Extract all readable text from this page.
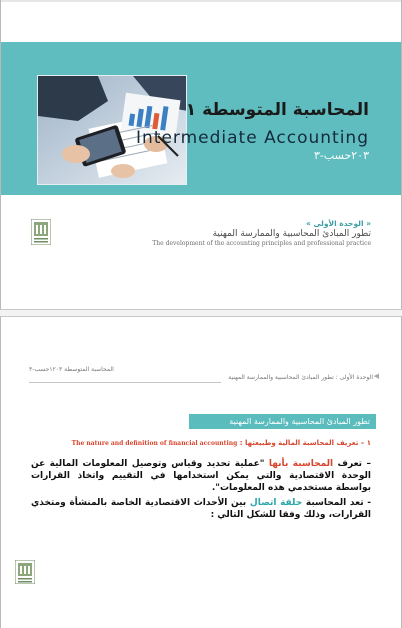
المحاسبة المتوسطة ١
Intermediate Accounting
٢٠٣حسب-٣
« الوحدة الأولى »
تطور المبادئ المحاسبية والممارسة المهنية
The development of the accounting principles and professional practice
المحاسبة المتوسطة ١٢٠٣حسب-٣
الوحدة الأولى : تطور المبادئ المحاسبية والممارسة المهنية ◀
تطور المبادئ المحاسبية والممارسة المهنية
١ – تعريف المحاسبة المالية وطبيعتها : The nature and definition of financial accounting
– تعرف المحاسبة بأنها "عملية تحديد وقياس وتوصيل المعلومات المالية عن الوحدة الاقتصادية والتي يمكن استخدامها في التقييم واتخاذ القرارات بواسطة مستخدمي هذه المعلومات".
- تعد المحاسبة حلقة اتصال بين الأحداث الاقتصادية الخاصة بالمنشأة ومتخذي القرارات، وذلك وفقا للشكل التالي :
